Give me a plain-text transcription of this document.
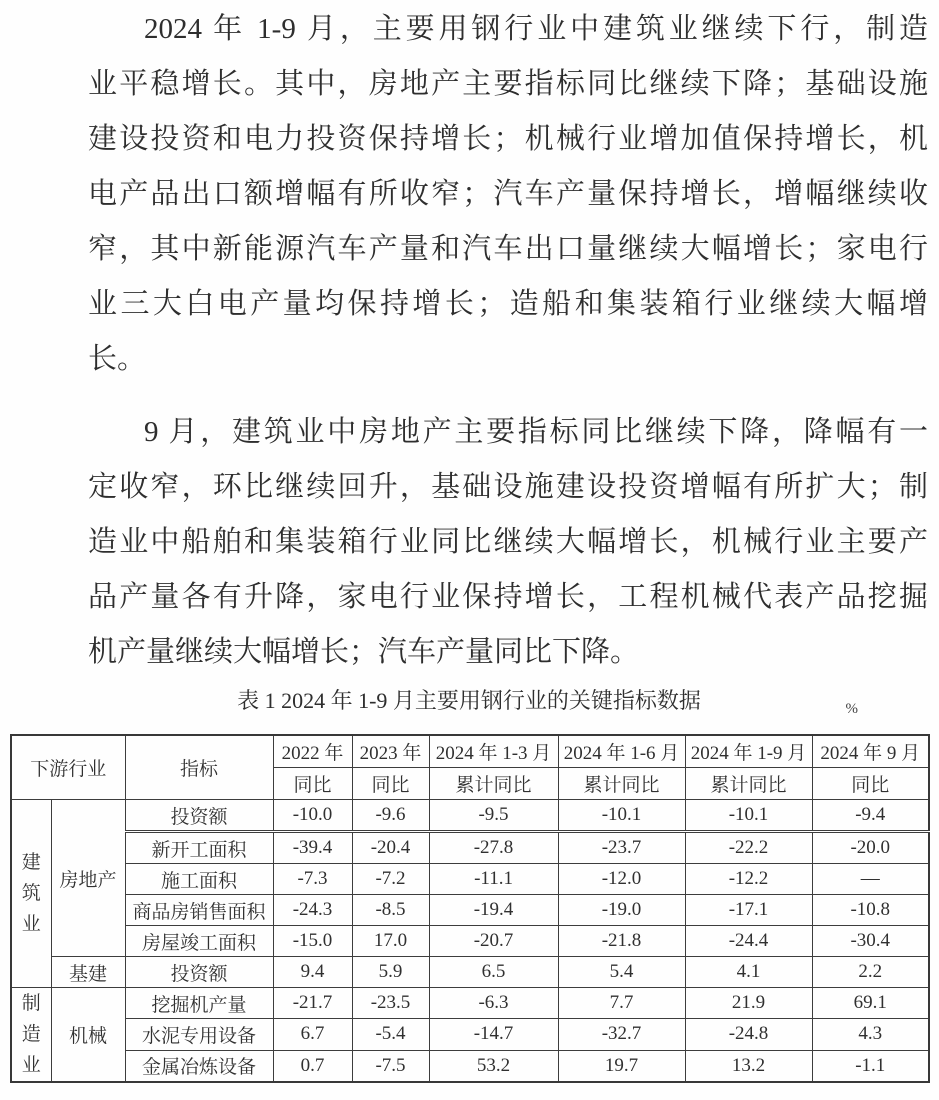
2024 年 1-9 月，主要用钢行业中建筑业继续下行，制造
业平稳增长。其中，房地产主要指标同比继续下降；基础设施
建设投资和电力投资保持增长；机械行业增加值保持增长，机
电产品出口额增幅有所收窄；汽车产量保持增长，增幅继续收
窄，其中新能源汽车产量和汽车出口量继续大幅增长；家电行
业三大白电产量均保持增长；造船和集装箱行业继续大幅增
长。
9 月，建筑业中房地产主要指标同比继续下降，降幅有一
定收窄，环比继续回升，基础设施建设投资增幅有所扩大；制
造业中船舶和集装箱行业同比继续大幅增长，机械行业主要产
品产量各有升降，家电行业保持增长，工程机械代表产品挖掘
机产量继续大幅增长；汽车产量同比下降。
表 1 2024 年 1-9 月主要用钢行业的关键指标数据	%
下游行业		指标	2022 年	2023 年	2024 年 1-3 月	2024 年 1-6 月	2024 年 1-9 月	2024 年 9 月
			同比	同比	累计同比	累计同比	累计同比	同比

建筑业	房地产	投资额	-10.0	-9.6	-9.5	-10.1	-10.1	-9.4
		新开工面积	-39.4	-20.4	-27.8	-23.7	-22.2	-20.0
		施工面积	-7.3	-7.2	-11.1	-12.0	-12.2	—
		商品房销售面积	-24.3	-8.5	-19.4	-19.0	-17.1	-10.8
		房屋竣工面积	-15.0	17.0	-20.7	-21.8	-24.4	-30.4
	基建	投资额	9.4	5.9	6.5	5.4	4.1	2.2

制造业	机械	挖掘机产量	-21.7	-23.5	-6.3	7.7	21.9	69.1
		水泥专用设备	6.7	-5.4	-14.7	-32.7	-24.8	4.3
		金属冶炼设备	0.7	-7.5	53.2	19.7	13.2	-1.1
